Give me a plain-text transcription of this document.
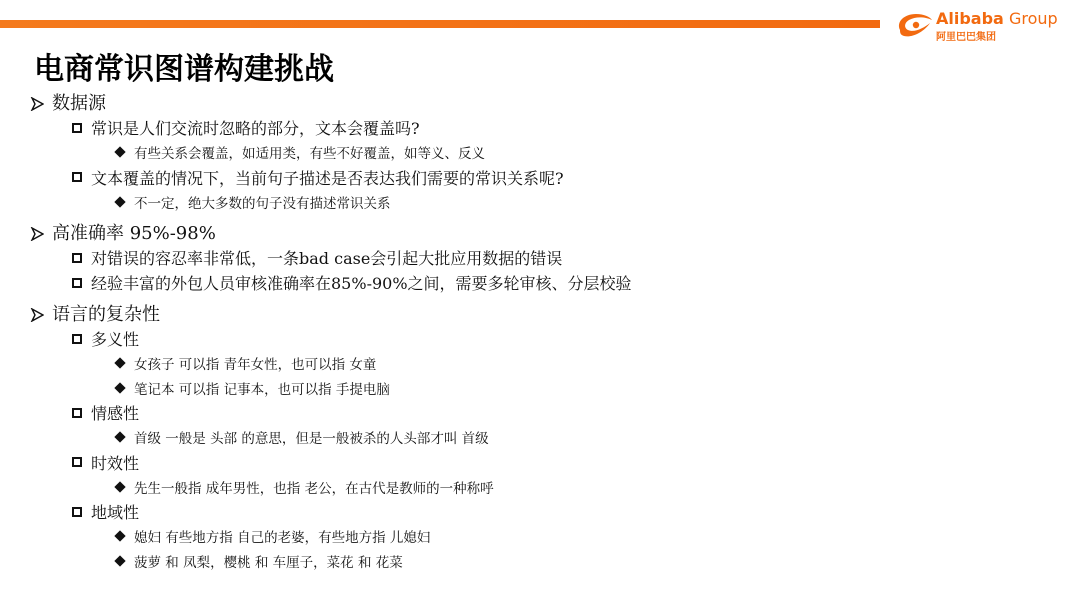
Alibaba Group
阿里巴巴集团
电商常识图谱构建挑战
数据源
常识是人们交流时忽略的部分，文本会覆盖吗?
有些关系会覆盖，如适用类，有些不好覆盖，如等义、反义
文本覆盖的情况下，当前句子描述是否表达我们需要的常识关系呢?
不一定，绝大多数的句子没有描述常识关系
高准确率 95%-98%
对错误的容忍率非常低，一条bad case会引起大批应用数据的错误
经验丰富的外包人员审核准确率在85%-90%之间，需要多轮审核、分层校验
语言的复杂性
多义性
女孩子 可以指 青年女性，也可以指 女童
笔记本 可以指 记事本，也可以指 手提电脑
情感性
首级 一般是 头部 的意思，但是一般被杀的人头部才叫 首级
时效性
先生一般指 成年男性，也指 老公，在古代是教师的一种称呼
地域性
媳妇 有些地方指 自己的老婆，有些地方指 儿媳妇
菠萝 和 凤梨，樱桃 和 车厘子，菜花 和 花菜
